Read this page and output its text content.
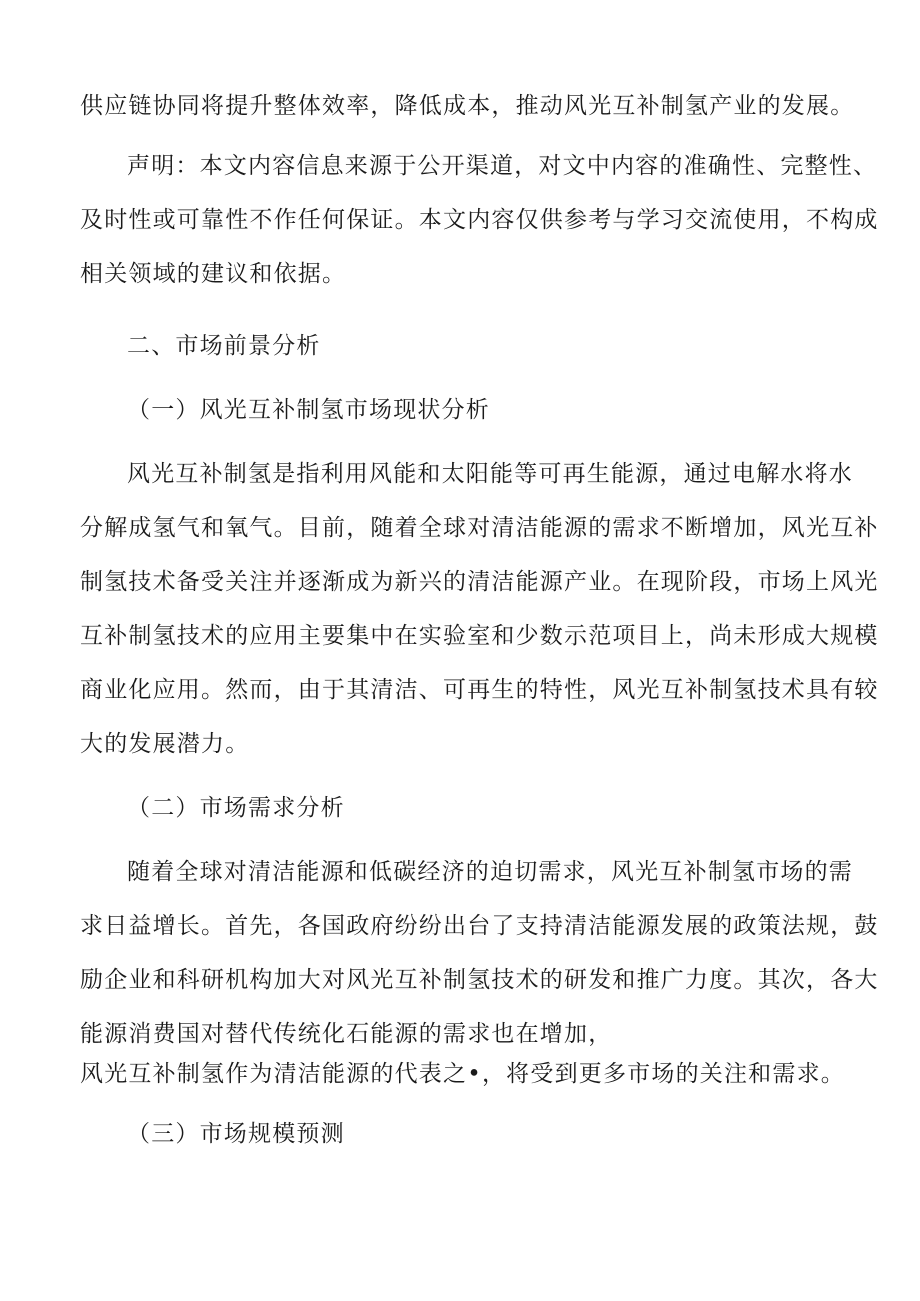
供应链协同将提升整体效率，降低成本，推动风光互补制氢产业的发展。
声明：本文内容信息来源于公开渠道，对文中内容的准确性、完整性、
及时性或可靠性不作任何保证。本文内容仅供参考与学习交流使用，不构成
相关领域的建议和依据。
二、市场前景分析
（一）风光互补制氢市场现状分析
风光互补制氢是指利用风能和太阳能等可再生能源，通过电解水将水
分解成氢气和氧气。目前，随着全球对清洁能源的需求不断增加，风光互补
制氢技术备受关注并逐渐成为新兴的清洁能源产业。在现阶段，市场上风光
互补制氢技术的应用主要集中在实验室和少数示范项目上，尚未形成大规模
商业化应用。然而，由于其清洁、可再生的特性，风光互补制氢技术具有较
大的发展潜力。
（二）市场需求分析
随着全球对清洁能源和低碳经济的迫切需求，风光互补制氢市场的需
求日益增长。首先，各国政府纷纷出台了支持清洁能源发展的政策法规，鼓
励企业和科研机构加大对风光互补制氢技术的研发和推广力度。其次，各大
能源消费国对替代传统化石能源的需求也在增加，
风光互补制氢作为清洁能源的代表之•，将受到更多市场的关注和需求。
（三）市场规模预测
